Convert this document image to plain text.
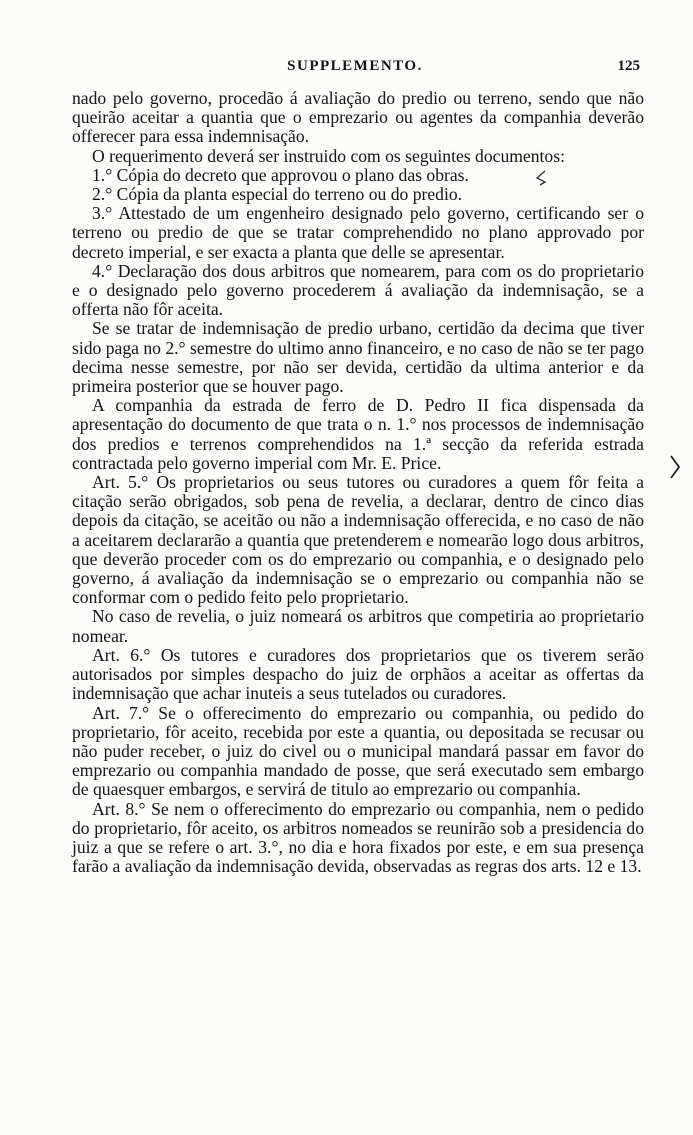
SUPPLEMENTO.	125

nado pelo governo, procedão á avaliação do predio ou terreno, sendo que não queirão aceitar a quantia que o emprezario ou agentes da companhia deverão offerecer para essa indemnisação.

O requerimento deverá ser instruido com os seguintes documentos:

1.° Cópia do decreto que approvou o plano das obras.

2.° Cópia da planta especial do terreno ou do predio.

3.° Attestado de um engenheiro designado pelo governo, certificando ser o terreno ou predio de que se tratar comprehendido no plano approvado por decreto imperial, e ser exacta a planta que delle se apresentar.

4.° Declaração dos dous arbitros que nomearem, para com os do proprietario e o designado pelo governo procederem á avaliação da indemnisação, se a offerta não fôr aceita.

Se se tratar de indemnisação de predio urbano, certidão da decima que tiver sido paga no 2.° semestre do ultimo anno financeiro, e no caso de não se ter pago decima nesse semestre, por não ser devida, certidão da ultima anterior e da primeira posterior que se houver pago.

A companhia da estrada de ferro de D. Pedro II fica dispensada da apresentação do documento de que trata o n. 1.° nos processos de indemnisação dos predios e terrenos comprehendidos na 1.ª secção da referida estrada contractada pelo governo imperial com Mr. E. Price.

Art. 5.° Os proprietarios ou seus tutores ou curadores a quem fôr feita a citação serão obrigados, sob pena de revelia, a declarar, dentro de cinco dias depois da citação, se aceitão ou não a indemnisação offerecida, e no caso de não a aceitarem declararão a quantia que pretenderem e nomearão logo dous arbitros, que deverão proceder com os do emprezario ou companhia, e o designado pelo governo, á avaliação da indemnisação se o emprezario ou companhia não se conformar com o pedido feito pelo proprietario.

No caso de revelia, o juiz nomeará os arbitros que competiria ao proprietario nomear.

Art. 6.° Os tutores e curadores dos proprietarios que os tiverem serão autorisados por simples despacho do juiz de orphãos a aceitar as offertas da indemnisação que achar inuteis a seus tutelados ou curadores.

Art. 7.° Se o offerecimento do emprezario ou companhia, ou pedido do proprietario, fôr aceito, recebida por este a quantia, ou depositada se recusar ou não puder receber, o juiz do civel ou o municipal mandará passar em favor do emprezario ou companhia mandado de posse, que será executado sem embargo de quaesquer embargos, e servirá de titulo ao emprezario ou companhia.

Art. 8.° Se nem o offerecimento do emprezario ou companhia, nem o pedido do proprietario, fôr aceito, os arbitros nomeados se reunirão sob a presidencia do juiz a que se refere o art. 3.°, no dia e hora fixados por este, e em sua presença farão a avaliação da indemnisação devida, observadas as regras dos arts. 12 e 13.
